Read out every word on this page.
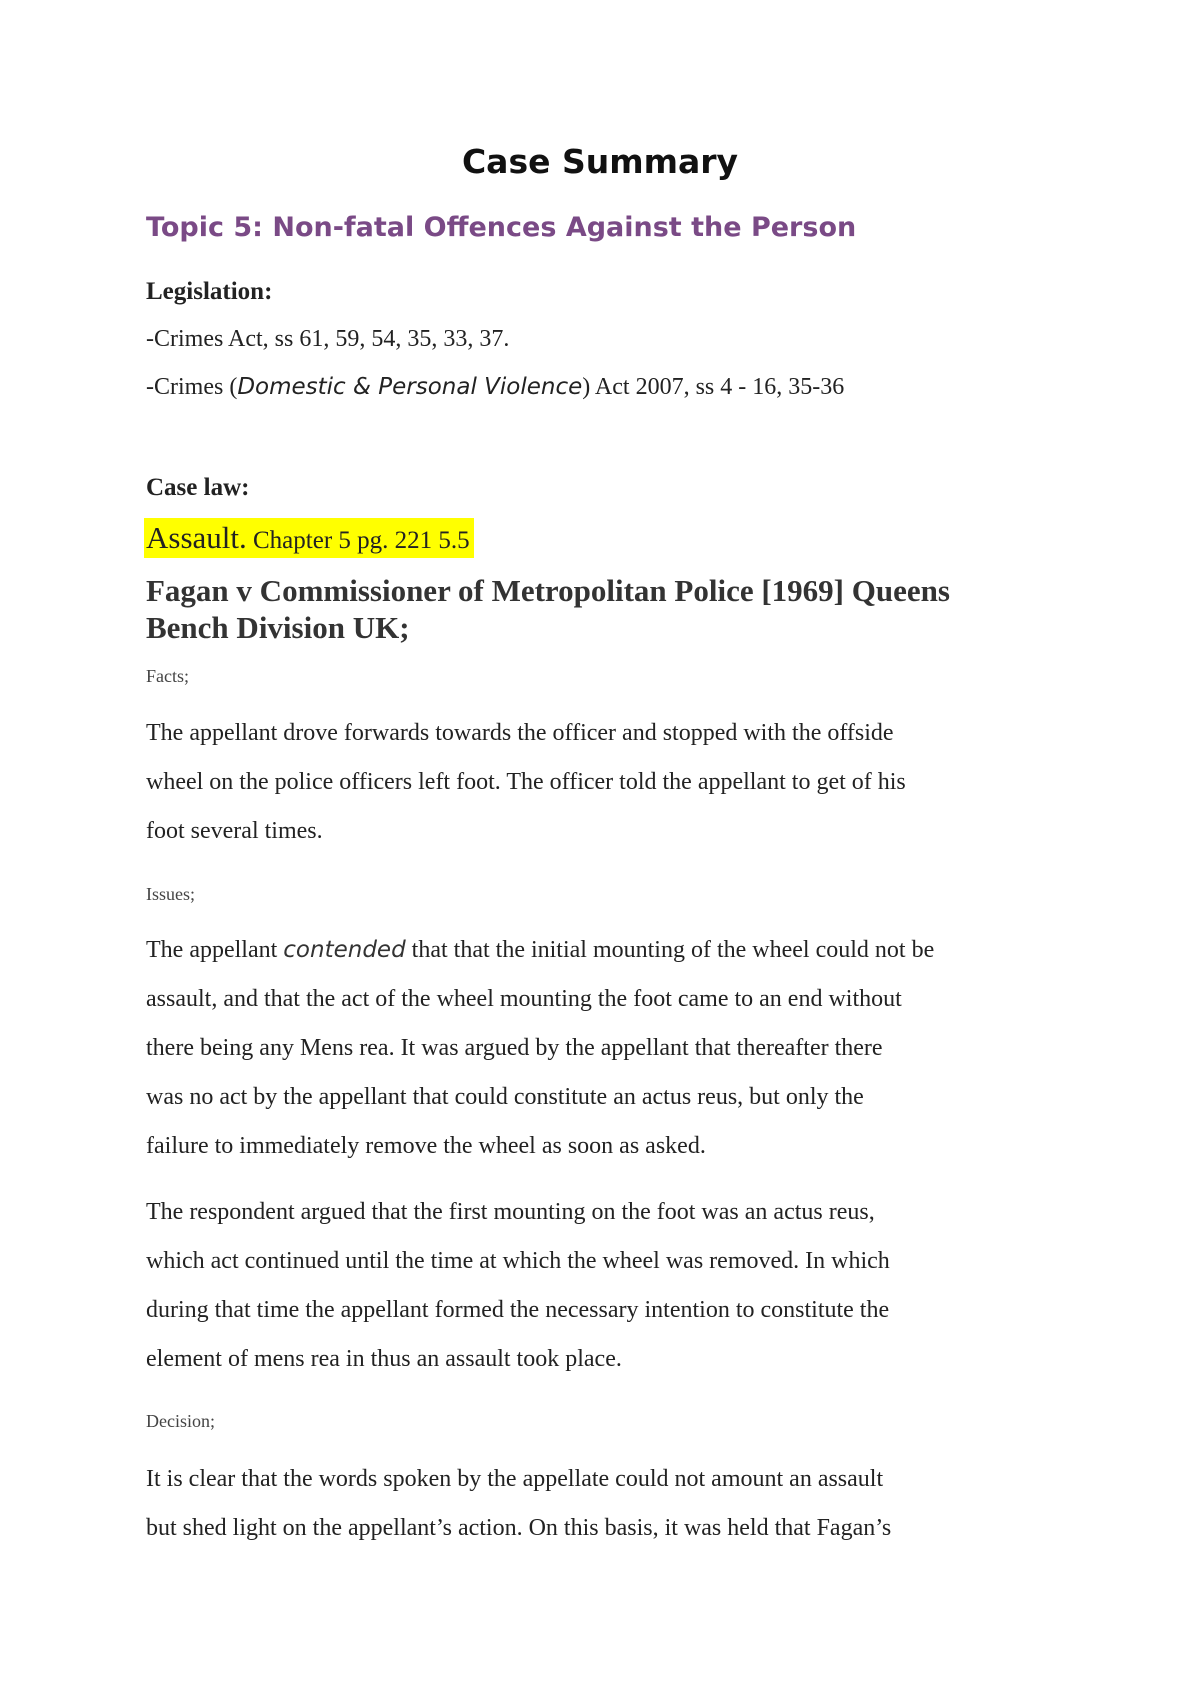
Case Summary
Topic 5: Non-fatal Offences Against the Person
Legislation:
-Crimes Act, ss 61, 59, 54, 35, 33, 37.
-Crimes (Domestic & Personal Violence) Act 2007, ss 4 - 16, 35-36
Case law:
Assault. Chapter 5 pg. 221 5.5
Fagan v Commissioner of Metropolitan Police [1969] Queens
Bench Division UK;
Facts;
The appellant drove forwards towards the officer and stopped with the offside
wheel on the police officers left foot. The officer told the appellant to get of his
foot several times.
Issues;
The appellant contended that that the initial mounting of the wheel could not be
assault, and that the act of the wheel mounting the foot came to an end without
there being any Mens rea. It was argued by the appellant that thereafter there
was no act by the appellant that could constitute an actus reus, but only the
failure to immediately remove the wheel as soon as asked.
The respondent argued that the first mounting on the foot was an actus reus,
which act continued until the time at which the wheel was removed. In which
during that time the appellant formed the necessary intention to constitute the
element of mens rea in thus an assault took place.
Decision;
It is clear that the words spoken by the appellate could not amount an assault
but shed light on the appellant’s action. On this basis, it was held that Fagan’s
